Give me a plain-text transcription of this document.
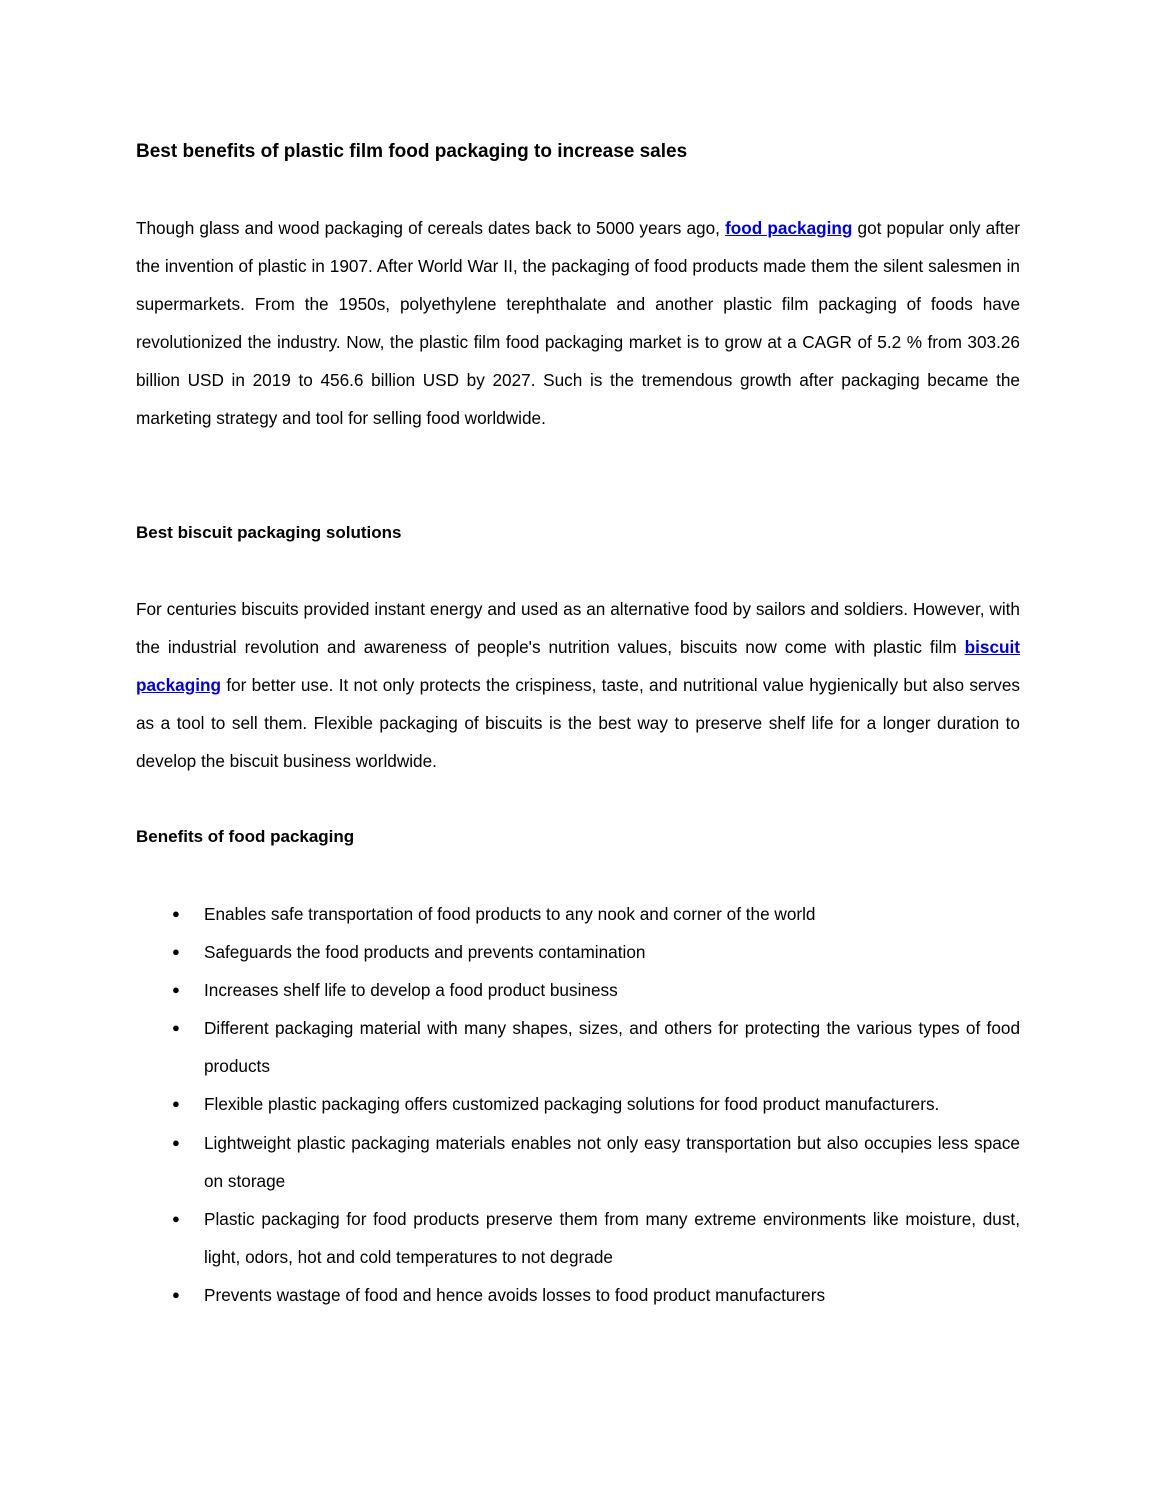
Best benefits of plastic film food packaging to increase sales

Though glass and wood packaging of cereals dates back to 5000 years ago, food packaging got popular only after the invention of plastic in 1907. After World War II, the packaging of food products made them the silent salesmen in supermarkets. From the 1950s, polyethylene terephthalate and another plastic film packaging of foods have revolutionized the industry. Now, the plastic film food packaging market is to grow at a CAGR of 5.2 % from 303.26 billion USD in 2019 to 456.6 billion USD by 2027. Such is the tremendous growth after packaging became the marketing strategy and tool for selling food worldwide.

Best biscuit packaging solutions

For centuries biscuits provided instant energy and used as an alternative food by sailors and soldiers. However, with the industrial revolution and awareness of people's nutrition values, biscuits now come with plastic film biscuit packaging for better use. It not only protects the crispiness, taste, and nutritional value hygienically but also serves as a tool to sell them. Flexible packaging of biscuits is the best way to preserve shelf life for a longer duration to develop the biscuit business worldwide.

Benefits of food packaging
● Enables safe transportation of food products to any nook and corner of the world
● Safeguards the food products and prevents contamination
● Increases shelf life to develop a food product business
● Different packaging material with many shapes, sizes, and others for protecting the various types of food products
● Flexible plastic packaging offers customized packaging solutions for food product manufacturers.
● Lightweight plastic packaging materials enables not only easy transportation but also occupies less space on storage
● Plastic packaging for food products preserve them from many extreme environments like moisture, dust, light, odors, hot and cold temperatures to not degrade
● Prevents wastage of food and hence avoids losses to food product manufacturers
